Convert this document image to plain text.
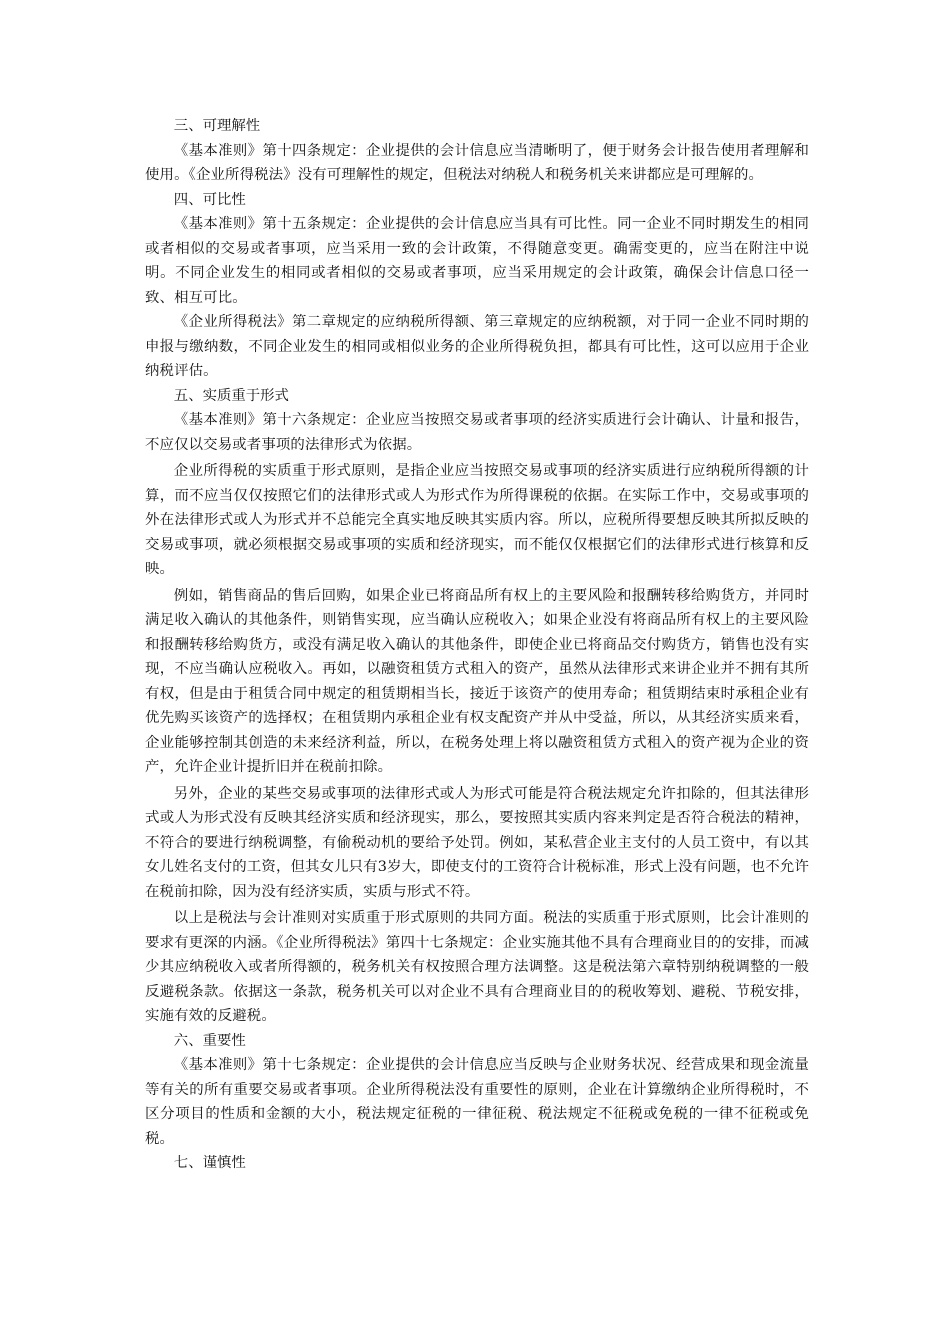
三、可理解性

《基本准则》第十四条规定：企业提供的会计信息应当清晰明了，便于财务会计报告使用者理解和使用。《企业所得税法》没有可理解性的规定，但税法对纳税人和税务机关来讲都应是可理解的。

四、可比性

《基本准则》第十五条规定：企业提供的会计信息应当具有可比性。同一企业不同时期发生的相同或者相似的交易或者事项，应当采用一致的会计政策，不得随意变更。确需变更的，应当在附注中说明。不同企业发生的相同或者相似的交易或者事项，应当采用规定的会计政策，确保会计信息口径一致、相互可比。

《企业所得税法》第二章规定的应纳税所得额、第三章规定的应纳税额，对于同一企业不同时期的申报与缴纳数，不同企业发生的相同或相似业务的企业所得税负担，都具有可比性，这可以应用于企业纳税评估。

五、实质重于形式

《基本准则》第十六条规定：企业应当按照交易或者事项的经济实质进行会计确认、计量和报告，不应仅以交易或者事项的法律形式为依据。

企业所得税的实质重于形式原则，是指企业应当按照交易或事项的经济实质进行应纳税所得额的计算，而不应当仅仅按照它们的法律形式或人为形式作为所得课税的依据。在实际工作中，交易或事项的外在法律形式或人为形式并不总能完全真实地反映其实质内容。所以，应税所得要想反映其所拟反映的交易或事项，就必须根据交易或事项的实质和经济现实，而不能仅仅根据它们的法律形式进行核算和反映。

例如，销售商品的售后回购，如果企业已将商品所有权上的主要风险和报酬转移给购货方，并同时满足收入确认的其他条件，则销售实现，应当确认应税收入；如果企业没有将商品所有权上的主要风险和报酬转移给购货方，或没有满足收入确认的其他条件，即使企业已将商品交付购货方，销售也没有实现，不应当确认应税收入。再如，以融资租赁方式租入的资产，虽然从法律形式来讲企业并不拥有其所有权，但是由于租赁合同中规定的租赁期相当长，接近于该资产的使用寿命；租赁期结束时承租企业有优先购买该资产的选择权；在租赁期内承租企业有权支配资产并从中受益，所以，从其经济实质来看，企业能够控制其创造的未来经济利益，所以，在税务处理上将以融资租赁方式租入的资产视为企业的资产，允许企业计提折旧并在税前扣除。

另外，企业的某些交易或事项的法律形式或人为形式可能是符合税法规定允许扣除的，但其法律形式或人为形式没有反映其经济实质和经济现实，那么，要按照其实质内容来判定是否符合税法的精神，不符合的要进行纳税调整，有偷税动机的要给予处罚。例如，某私营企业主支付的人员工资中，有以其女儿姓名支付的工资，但其女儿只有3岁大，即使支付的工资符合计税标准，形式上没有问题，也不允许在税前扣除，因为没有经济实质，实质与形式不符。

以上是税法与会计准则对实质重于形式原则的共同方面。税法的实质重于形式原则，比会计准则的要求有更深的内涵。《企业所得税法》第四十七条规定：企业实施其他不具有合理商业目的的安排，而减少其应纳税收入或者所得额的，税务机关有权按照合理方法调整。这是税法第六章特别纳税调整的一般反避税条款。依据这一条款，税务机关可以对企业不具有合理商业目的的税收筹划、避税、节税安排，实施有效的反避税。

六、重要性

《基本准则》第十七条规定：企业提供的会计信息应当反映与企业财务状况、经营成果和现金流量等有关的所有重要交易或者事项。企业所得税法没有重要性的原则，企业在计算缴纳企业所得税时，不区分项目的性质和金额的大小，税法规定征税的一律征税、税法规定不征税或免税的一律不征税或免税。

七、谨慎性
